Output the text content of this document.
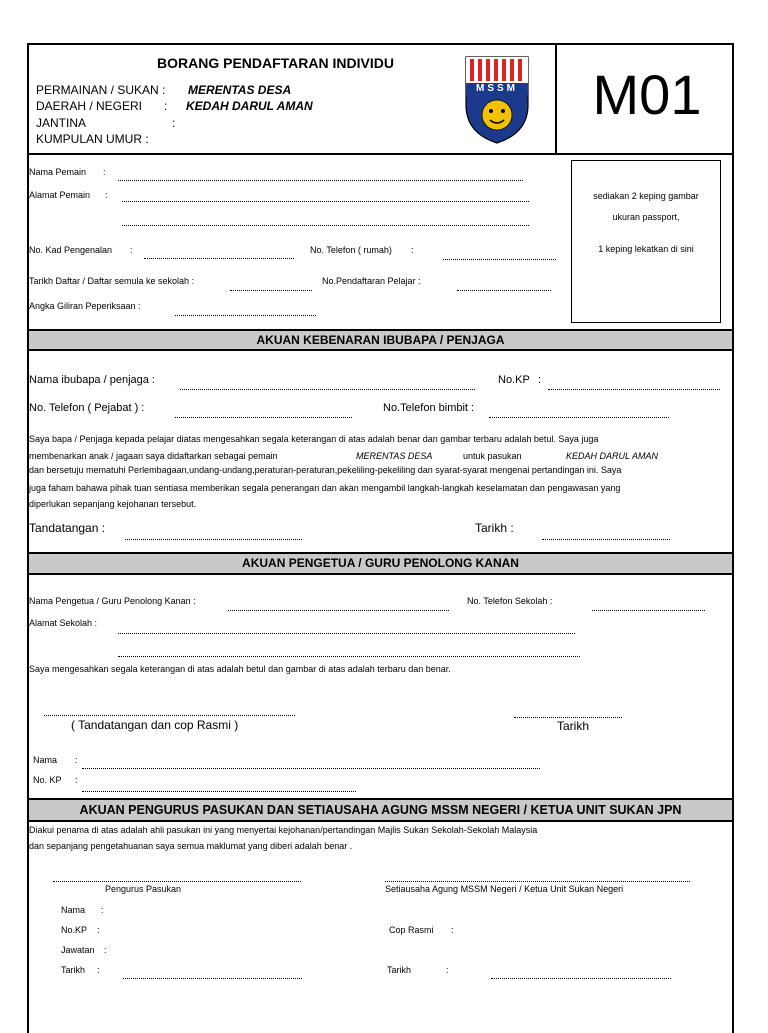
BORANG PENDAFTARAN INDIVIDU
PERMAINAN / SUKAN : MERENTAS DESA
DAERAH / NEGERI : KEDAH DARUL AMAN
JANTINA	:
KUMPULAN UMUR :
MSSM	M01
Nama Pemain :
Alamat Pemain :
No. Kad Pengenalan :	No. Telefon ( rumah) :
Tarikh Daftar / Daftar semula ke sekolah :	No.Pendaftaran Pelajar :
Angka Giliran Peperiksaan :
sediakan 2 keping gambar
ukuran passport,
1 keping lekatkan di sini
AKUAN KEBENARAN IBUBAPA / PENJAGA
Nama ibubapa / penjaga :	No.KP :
No. Telefon ( Pejabat ) :	No.Telefon bimbit :
Saya bapa / Penjaga kepada pelajar diatas mengesahkan segala keterangan di atas adalah benar dan gambar terbaru adalah betul. Saya juga
membenarkan anak / jagaan saya didaftarkan sebagai pemain	MERENTAS DESA	untuk pasukan	KEDAH DARUL AMAN
dan bersetuju mematuhi Perlembagaan,undang-undang,peraturan-peraturan,pekeliling-pekeliling dan syarat-syarat mengenai pertandingan ini. Saya
juga faham bahawa pihak tuan sentiasa memberikan segala penerangan dan akan mengambil langkah-langkah keselamatan dan pengawasan yang
diperlukan sepanjang kejohanan tersebut.
Tandatangan :	Tarikh :
AKUAN PENGETUA / GURU PENOLONG KANAN
Nama Pengetua / Guru Penolong Kanan :	No. Telefon Sekolah :
Alamat Sekolah :
Saya mengesahkan segala keterangan di atas adalah betul dan gambar di atas adalah terbaru dan benar.
( Tandatangan dan cop Rasmi )	Tarikh
Nama :
No. KP :
AKUAN PENGURUS PASUKAN DAN SETIAUSAHA AGUNG MSSM NEGERI / KETUA UNIT SUKAN JPN
Diakui penama di atas adalah ahli pasukan ini yang menyertai kejohanan/pertandingan Majlis Sukan Sekolah-Sekolah Malaysia
dan sepanjang pengetahuanan saya semua maklumat yang diberi adalah benar .
Pengurus Pasukan	Setiausaha Agung MSSM Negeri / Ketua Unit Sukan Negeri
Nama :
No.KP :	Cop Rasmi :
Jawatan :
Tarikh :	Tarikh	:
